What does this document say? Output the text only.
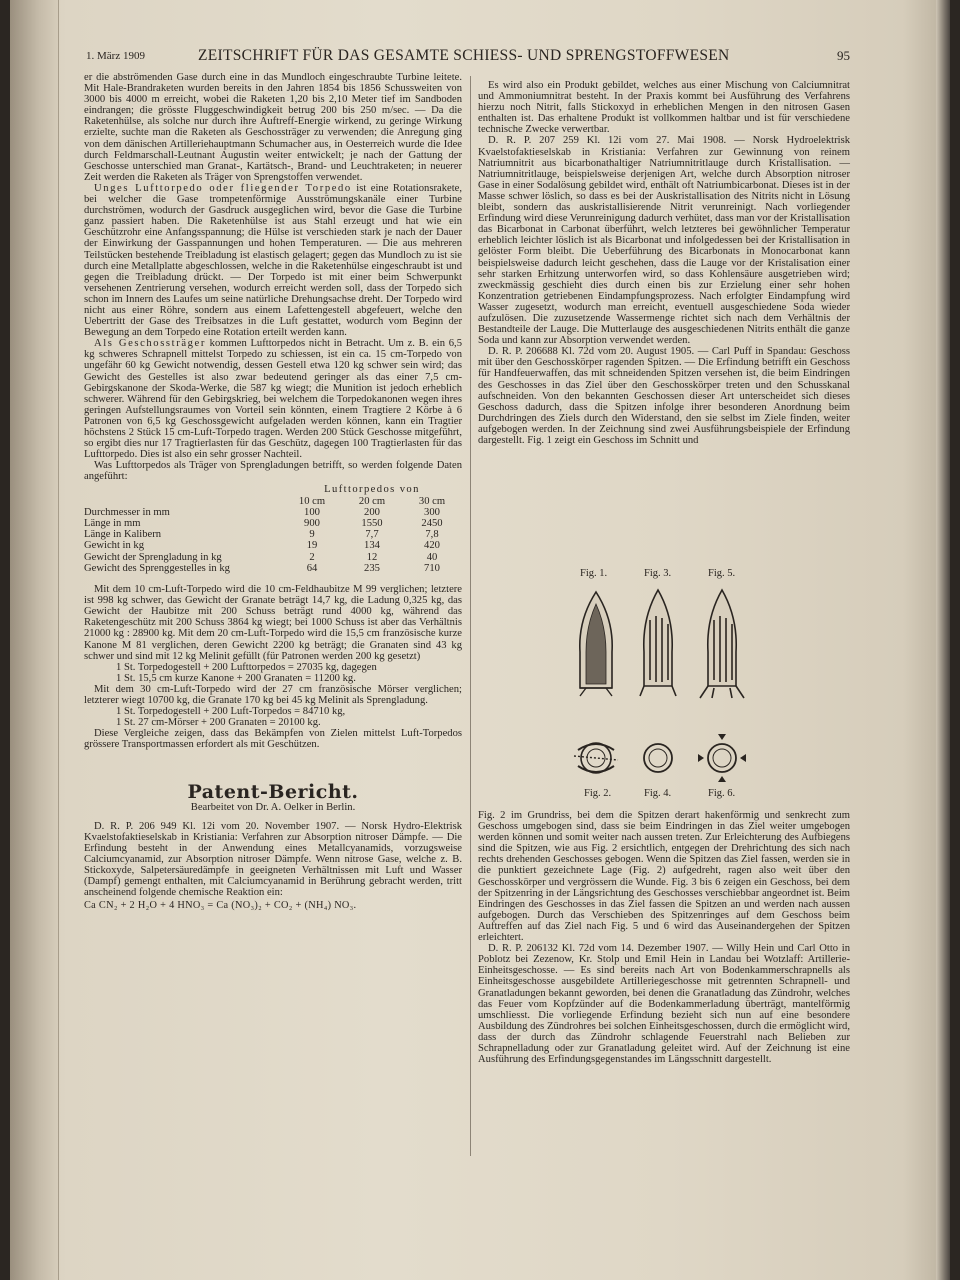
1. März 1909	ZEITSCHRIFT FÜR DAS GESAMTE SCHIESS- UND SPRENGSTOFFWESEN	95

er die abströmenden Gase durch eine in das Mundloch eingeschraubte Turbine leitete. Mit Hale-Brandraketen wurden bereits in den Jahren 1854 bis 1856 Schussweiten von 3000 bis 4000 m erreicht, wobei die Raketen 1,20 bis 2,10 Meter tief im Sandboden eindrangen; die grösste Fluggeschwindigkeit betrug 200 bis 250 m/sec. — Da die Raketenhülse, als solche nur durch ihre Auftreff-Energie wirkend, zu geringe Wirkung erzielte, suchte man die Raketen als Geschossträger zu verwenden; die Anregung ging von dem dänischen Artilleriehauptmann Schumacher aus, in Oesterreich wurde die Idee durch Feldmarschall-Leutnant Augustin weiter entwickelt; je nach der Gattung der Geschosse unterschied man Granat-, Kartätsch-, Brand- und Leuchtraketen; in neuerer Zeit werden die Raketen als Träger von Sprengstoffen verwendet.

Unges Lufttorpedo oder fliegender Torpedo ist eine Rotationsrakete, bei welcher die Gase trompetenförmige Ausströmungskanäle einer Turbine durchströmen, wodurch der Gasdruck ausgeglichen wird, bevor die Gase die Turbine ganz passiert haben. Die Raketenhülse ist aus Stahl erzeugt und hat wie ein Geschützrohr eine Anfangsspannung; die Hülse ist verschieden stark je nach der Dauer der Einwirkung der Gasspannungen und hohen Temperaturen. — Die aus mehreren Teilstücken bestehende Treibladung ist elastisch gelagert; gegen das Mundloch zu ist sie durch eine Metallplatte abgeschlossen, welche in die Raketenhülse eingeschraubt ist und gegen die Treibladung drückt. — Der Torpedo ist mit einer beim Schwerpunkt versehenen Zentrierung versehen, wodurch erreicht werden soll, dass der Torpedo sich schon im Innern des Laufes um seine natürliche Drehungsachse dreht. Der Torpedo wird nicht aus einer Röhre, sondern aus einem Lafettengestell abgefeuert, welche den Uebertritt der Gase des Treibsatzes in die Luft gestattet, wodurch vom Beginn der Bewegung an dem Torpedo eine Rotation erteilt werden kann.

Als Geschossträger kommen Lufttorpedos nicht in Betracht. Um z. B. ein 6,5 kg schweres Schrapnell mittelst Torpedo zu schiessen, ist ein ca. 15 cm-Torpedo von ungefähr 60 kg Gewicht notwendig, dessen Gestell etwa 120 kg schwer sein wird; das Gewicht des Gestelles ist also zwar bedeutend geringer als das einer 7,5 cm-Gebirgskanone der Skoda-Werke, die 587 kg wiegt; die Munition ist jedoch erheblich schwerer. Während für den Gebirgskrieg, bei welchem die Torpedokanonen wegen ihres geringen Aufstellungsraumes von Vorteil sein könnten, einem Tragtiere 2 Körbe à 6 Patronen von 6,5 kg Geschossgewicht aufgeladen werden können, kann ein Tragtier höchstens 2 Stück 15 cm-Luft-Torpedo tragen. Werden 200 Stück Geschosse mitgeführt, so ergibt dies nur 17 Tragtierlasten für das Geschütz, dagegen 100 Tragtierlasten für das Lufttorpedo. Dies ist also ein sehr grosser Nachteil.

Was Lufttorpedos als Träger von Sprengladungen betrifft, so werden folgende Daten angeführt:

	Lufttorpedos von		
	10 cm	20 cm	30 cm
Durchmesser in mm	100	200	300
Länge in mm	900	1550	2450
Länge in Kalibern	9	7,7	7,8
Gewicht in kg	19	134	420
Gewicht der Sprengladung in kg	2	12	40
Gewicht des Sprenggestelles in kg	64	235	710

Mit dem 10 cm-Luft-Torpedo wird die 10 cm-Feldhaubitze M 99 verglichen; letztere ist 998 kg schwer, das Gewicht der Granate beträgt 14,7 kg, die Ladung 0,325 kg, das Gewicht der Haubitze mit 200 Schuss beträgt rund 4000 kg, während das Raketengeschütz mit 200 Schuss 3864 kg wiegt; bei 1000 Schuss ist aber das Verhältnis 21000 kg : 28900 kg. Mit dem 20 cm-Luft-Torpedo wird die 15,5 cm französische kurze Kanone M 81 verglichen, deren Gewicht 2200 kg beträgt; die Granaten sind 43 kg schwer und sind mit 12 kg Melinit gefüllt (für Patronen werden 200 kg gesetzt)

1 St. Torpedogestell + 200 Lufttorpedos = 27035 kg, dagegen
1 St. 15,5 cm kurze Kanone + 200 Granaten = 11200 kg.

Mit dem 30 cm-Luft-Torpedo wird der 27 cm französische Mörser verglichen; letzterer wiegt 10700 kg, die Granate 170 kg bei 45 kg Melinit als Sprengladung.

1 St. Torpedogestell + 200 Luft-Torpedos = 84710 kg,
1 St. 27 cm-Mörser + 200 Granaten = 20100 kg.

Diese Vergleiche zeigen, dass das Bekämpfen von Zielen mittelst Luft-Torpedos grössere Transportmassen erfordert als mit Geschützen.

Patent-Bericht.
Bearbeitet von Dr. A. Oelker in Berlin.

D. R. P. 206 949 Kl. 12i vom 20. November 1907. — Norsk Hydro-Elektrisk Kvaelstofaktieselskab in Kristiania: Verfahren zur Absorption nitroser Dämpfe. — Die Erfindung besteht in der Anwendung eines Metallcyanamids, vorzugsweise Calciumcyanamid, zur Absorption nitroser Dämpfe. Wenn nitrose Gase, welche z. B. Stickoxyde, Salpetersäuredämpfe in geeigneten Verhältnissen mit Luft und Wasser (Dampf) gemengt enthalten, mit Calciumcyanamid in Berührung gebracht werden, tritt anscheinend folgende chemische Reaktion ein:

Ca CN₂ + 2 H₂O + 4 HNO₃ = Ca (NO₃)₂ + CO₂ + (NH₄) NO₃.

Es wird also ein Produkt gebildet, welches aus einer Mischung von Calciumnitrat und Ammoniumnitrat besteht. In der Praxis kommt bei Ausführung des Verfahrens hierzu noch Nitrit, falls Stickoxyd in erheblichen Mengen in den nitrosen Gasen enthalten ist. Das erhaltene Produkt ist vollkommen haltbar und ist für verschiedene technische Zwecke verwertbar.

D. R. P. 207 259 Kl. 12i vom 27. Mai 1908. — Norsk Hydroelektrisk Kvaelstofaktieselskab in Kristiania: Verfahren zur Gewinnung von reinem Natriumnitrit aus bicarbonathaltiger Natriumnitritlauge durch Kristallisation. — Natriumnitritlauge, beispielsweise derjenigen Art, welche durch Absorption nitroser Gase in einer Sodalösung gebildet wird, enthält oft Natriumbicarbonat. Dieses ist in der Masse schwer löslich, so dass es bei der Auskristallisation des Nitrits nicht in Lösung bleibt, sondern das auskristallisierende Nitrit verunreinigt. Nach vorliegender Erfindung wird diese Verunreinigung dadurch verhütet, dass man vor der Kristallisation das Bicarbonat in Carbonat überführt, welch letzteres bei gewöhnlicher Temperatur erheblich leichter löslich ist als Bicarbonat und infolgedessen bei der Kristallisation in gelöster Form bleibt. Die Ueberführung des Bicarbonats in Monocarbonat kann beispielsweise dadurch leicht geschehen, dass die Lauge vor der Kristalisation einer sehr starken Erhitzung unterworfen wird, so dass Kohlensäure ausgetrieben wird; zweckmässig geschieht dies durch einen bis zur Erzielung einer sehr hohen Konzentration getriebenen Eindampfungsprozess. Nach erfolgter Eindampfung wird Wasser zugesetzt, wodurch man erreicht, eventuell ausgeschiedene Soda wieder aufzulösen. Die zuzusetzende Wassermenge richtet sich nach dem Verhältnis der Bestandteile der Lauge. Die Mutterlauge des ausgeschiedenen Nitrits enthält die ganze Soda und kann zur Absorption verwendet werden.

D. R. P. 206688 Kl. 72d vom 20. August 1905. — Carl Puff in Spandau: Geschoss mit über den Geschosskörper ragenden Spitzen. — Die Erfindung betrifft ein Geschoss für Handfeuerwaffen, das mit schneidenden Spitzen versehen ist, die beim Eindringen des Geschosses in das Ziel über den Geschosskörper treten und den Schusskanal aufschneiden. Von den bekannten Geschossen dieser Art unterscheidet sich dieses Geschoss dadurch, dass die Spitzen infolge ihrer besonderen Anordnung beim Durchdringen des Ziels durch den Widerstand, den sie selbst im Ziele finden, weiter aufgebogen werden. In der Zeichnung sind zwei Ausführungsbeispiele der Erfindung dargestellt. Fig. 1 zeigt ein Geschoss im Schnitt und

Fig. 1.	Fig. 3.	Fig. 5.
Fig. 2.	Fig. 4.	Fig. 6.

Fig. 2 im Grundriss, bei dem die Spitzen derart hakenförmig und senkrecht zum Geschoss umgebogen sind, dass sie beim Eindringen in das Ziel weiter umgebogen werden können und somit weiter nach aussen treten. Zur Erleichterung des Aufbiegens sind die Spitzen, wie aus Fig. 2 ersichtlich, entgegen der Drehrichtung des sich nach rechts drehenden Geschosses gebogen. Wenn die Spitzen das Ziel fassen, werden sie in die punktiert gezeichnete Lage (Fig. 2) aufgedreht, ragen also weit über den Geschosskörper und vergrössern die Wunde. Fig. 3 bis 6 zeigen ein Geschoss, bei dem der Spitzenring in der Längsrichtung des Geschosses verschiebbar angeordnet ist. Beim Eindringen des Geschosses in das Ziel fassen die Spitzen an und werden nach aussen aufgebogen. Durch das Verschieben des Spitzenringes auf dem Geschoss beim Auftreffen auf das Ziel nach Fig. 5 und 6 wird das Auseinandergehen der Spitzen erleichtert.

D. R. P. 206132 Kl. 72d vom 14. Dezember 1907. — Willy Hein und Carl Otto in Poblotz bei Zezenow, Kr. Stolp und Emil Hein in Landau bei Wotzlaff: Artillerie-Einheitsgeschosse. — Es sind bereits nach Art von Bodenkammerschrapnells als Einheitsgeschosse ausgebildete Artilleriegeschosse mit getrennten Schrapnell- und Granatladungen bekannt geworden, bei denen die Granatladung das Zündrohr, welches das Feuer vom Kopfzünder auf die Bodenkammerladung überträgt, mantelförmig umschliesst. Die vorliegende Erfindung bezieht sich nun auf eine besondere Ausbildung des Zündrohres bei solchen Einheitsgeschossen, durch die ermöglicht wird, dass der durch das Zündrohr schlagende Feuerstrahl nach Belieben zur Schrapnelladung oder zur Granatladung geleitet wird. Auf der Zeichnung ist eine Ausführung des Erfindungsgegenstandes im Längsschnitt dargestellt.
